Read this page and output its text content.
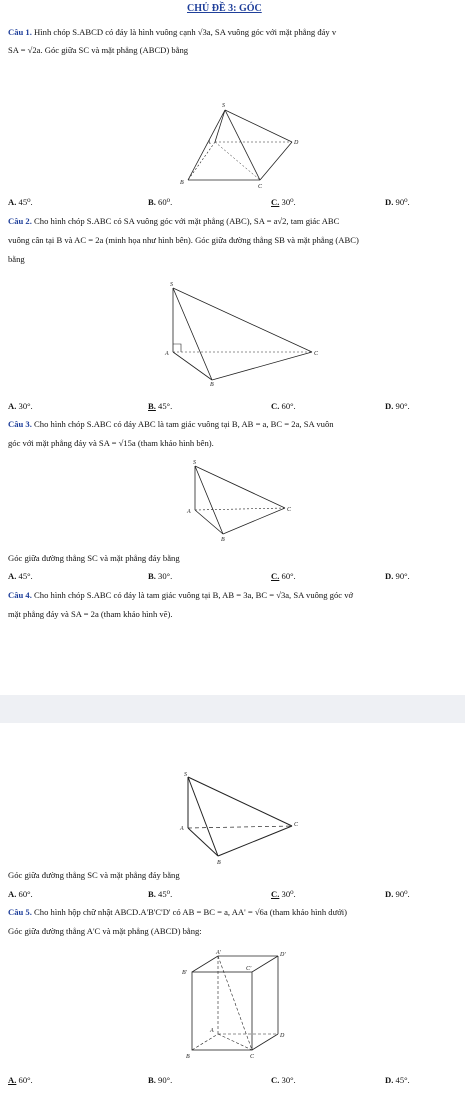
CHỦ ĐỀ 3: GÓC
Câu 1. Hình chóp S.ABCD có đáy là hình vuông cạnh √3a, SA vuông góc với mặt phẳng đáy v
SA = √2a. Góc giữa SC và mặt phẳng (ABCD) bằng
S
A	D
B
C
A. 45⁰.	B. 60⁰.	C. 30⁰.	D. 90⁰.
Câu 2. Cho hình chóp S.ABC có SA vuông góc với mặt phẳng (ABC), SA = a√2, tam giác ABC
vuông cân tại B và AC = 2a (minh họa như hình bên). Góc giữa đường thẳng SB và mặt phẳng (ABC)
bằng
S
A	C
B
A. 30°.	B. 45°.	C. 60°.	D. 90°.
Câu 3. Cho hình chóp S.ABC có đáy ABC là tam giác vuông tại B, AB = a, BC = 2a, SA vuôn
góc với mặt phẳng đáy và SA = √15a (tham khảo hình bên).
S
A	C
B
Góc giữa đường thẳng SC và mặt phẳng đáy bằng
A. 45°.	B. 30°.	C. 60°.	D. 90°.
Câu 4. Cho hình chóp S.ABC có đáy là tam giác vuông tại B, AB = 3a, BC = √3a, SA vuông góc vớ
mặt phẳng đáy và SA = 2a (tham khảo hình vẽ).
S
A
C
B
Góc giữa đường thẳng SC và mặt phẳng đáy bằng
A. 60°.	B. 45⁰.	C. 30⁰.	D. 90⁰.
Câu 5. Cho hình hộp chữ nhật ABCD.A'B'C'D' có AB = BC = a, AA' = √6a (tham khảo hình dưới)
Góc giữa đường thẳng A'C và mặt phẳng (ABCD) bằng:
A'	D'
B'
C'
A
D
B	C
A. 60°.	B. 90°.	C. 30°.	D. 45°.
